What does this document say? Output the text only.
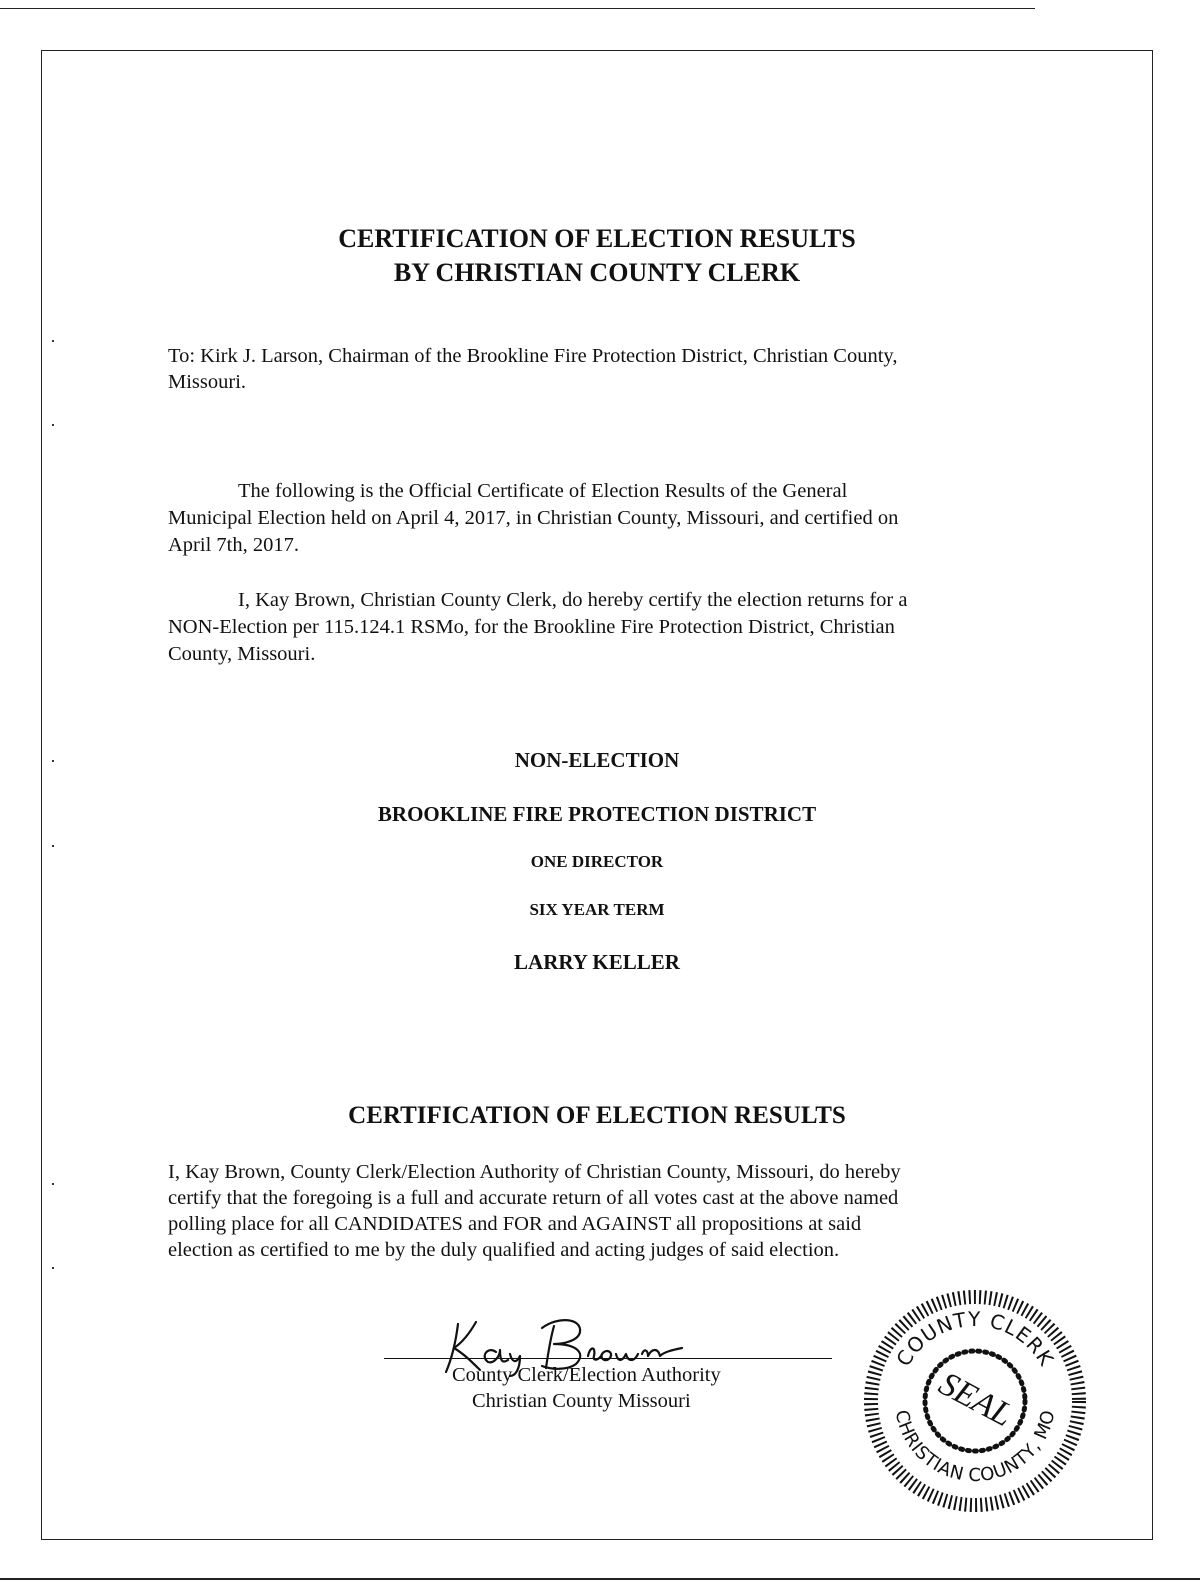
CERTIFICATION OF ELECTION RESULTS
BY CHRISTIAN COUNTY CLERK

To: Kirk J. Larson, Chairman of the Brookline Fire Protection District, Christian County,

Missouri.

The following is the Official Certificate of Election Results of the General

Municipal Election held on April 4, 2017, in Christian County, Missouri, and certified on

April 7th, 2017.

I, Kay Brown, Christian County Clerk, do hereby certify the election returns for a

NON-Election per 115.124.1 RSMo, for the Brookline Fire Protection District, Christian

County, Missouri.

NON-ELECTION

BROOKLINE FIRE PROTECTION DISTRICT

ONE DIRECTOR

SIX YEAR TERM

LARRY KELLER

CERTIFICATION OF ELECTION RESULTS

I, Kay Brown, County Clerk/Election Authority of Christian County, Missouri, do hereby

certify that the foregoing is a full and accurate return of all votes cast at the above named

polling place for all CANDIDATES and FOR and AGAINST all propositions at said

election as certified to me by the duly qualified and acting judges of said election.

County Clerk/Election Authority

Christian County Missouri

COUNTY CLERK
CHRISTIAN COUNTY, MO
SEAL
